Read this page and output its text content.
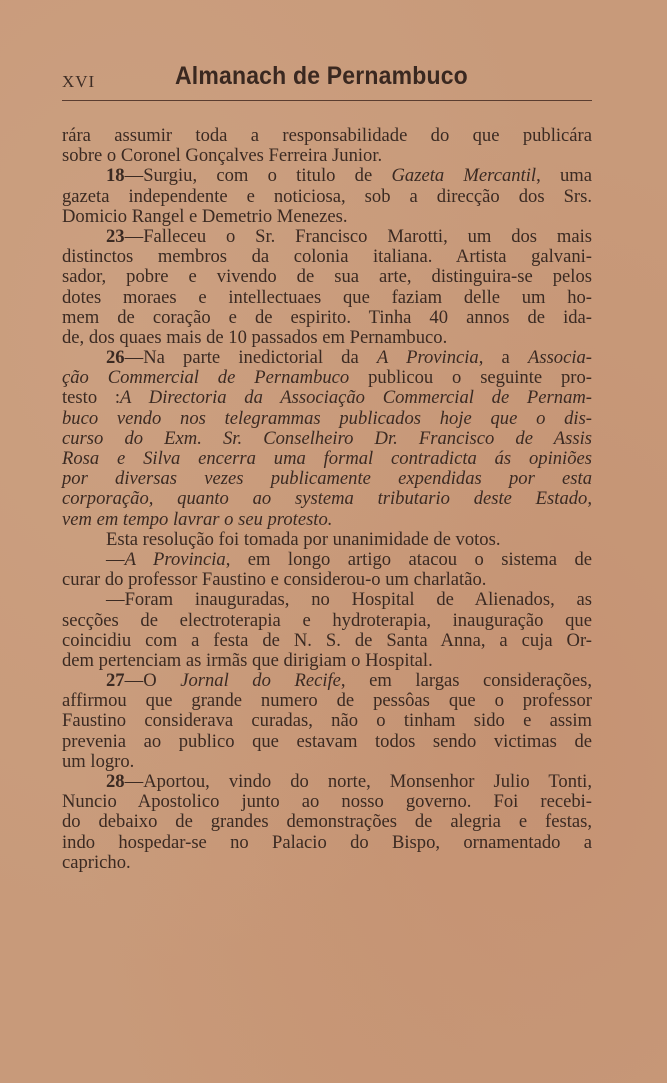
XVI	Almanach de Pernambuco
rára assumir toda a responsabilidade do que publicára
sobre o Coronel Gonçalves Ferreira Junior.
18—Surgiu, com o titulo de Gazeta Mercantil, uma
gazeta independente e noticiosa, sob a direcção dos Srs.
Domicio Rangel e Demetrio Menezes.
23—Falleceu o Sr. Francisco Marotti, um dos mais
distinctos membros da colonia italiana. Artista galvani-
sador, pobre e vivendo de sua arte, distinguira-se pelos
dotes moraes e intellectuaes que faziam delle um ho-
mem de coração e de espirito. Tinha 40 annos de ida-
de, dos quaes mais de 10 passados em Pernambuco.
26—Na parte inedictorial da A Provincia, a Associa-
ção Commercial de Pernambuco publicou o seguinte pro-
testo :A Directoria da Associação Commercial de Pernam-
buco vendo nos telegrammas publicados hoje que o dis-
curso do Exm. Sr. Conselheiro Dr. Francisco de Assis
Rosa e Silva encerra uma formal contradicta ás opiniões
por diversas vezes publicamente expendidas por esta
corporação, quanto ao systema tributario deste Estado,
vem em tempo lavrar o seu protesto.
Esta resolução foi tomada por unanimidade de votos.
—A Provincia, em longo artigo atacou o sistema de
curar do professor Faustino e considerou-o um charlatão.
—Foram inauguradas, no Hospital de Alienados, as
secções de electroterapia e hydroterapia, inauguração que
coincidiu com a festa de N. S. de Santa Anna, a cuja Or-
dem pertenciam as irmãs que dirigiam o Hospital.
27—O Jornal do Recife, em largas considerações,
affirmou que grande numero de pessôas que o professor
Faustino considerava curadas, não o tinham sido e assim
prevenia ao publico que estavam todos sendo victimas de
um logro.
28—Aportou, vindo do norte, Monsenhor Julio Tonti,
Nuncio Apostolico junto ao nosso governo. Foi recebi-
do debaixo de grandes demonstrações de alegria e festas,
indo hospedar-se no Palacio do Bispo, ornamentado a
capricho.
